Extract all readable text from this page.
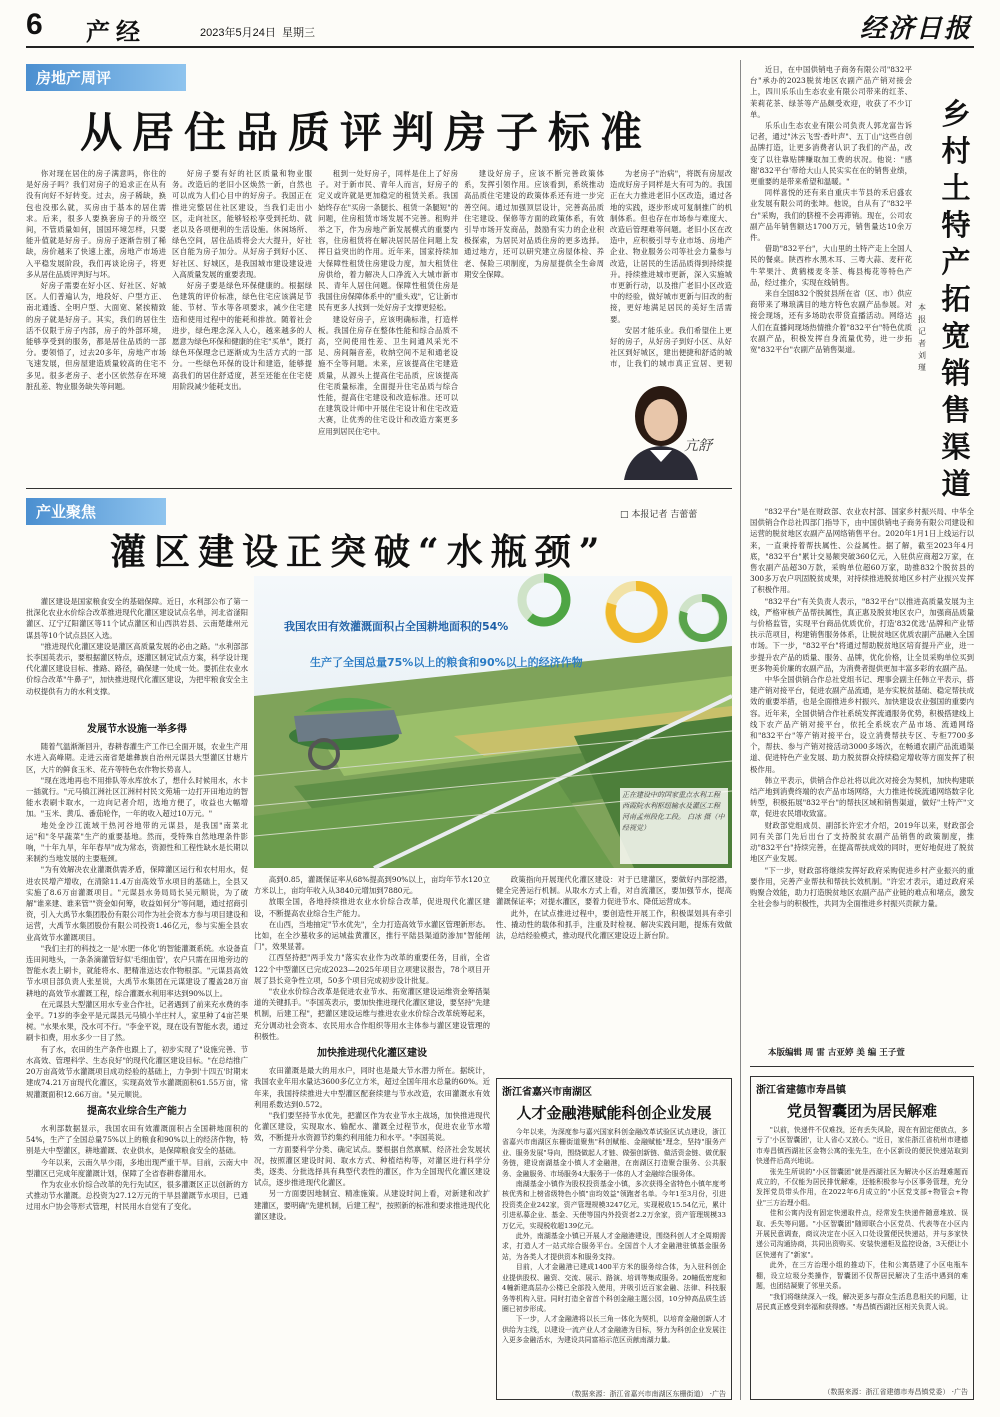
6 产经	2023年5月24日 星期三	经济日报
房地产周评
从居住品质评判房子标准

你对现在居住的房子满意吗，你住的是好房子吗？我们对房子的追求正在从有没有向好不好转变。过去，房子稀缺，换包也没那么就，买房由于基本的居住需求。后来，很多人要换套房子的升级空间，不管质量如何，国国环境怎样，只要能升值就是好房子。房房子逐渐告别了稀缺，房价越来了快速上涨，房地产市场进入平稳发展阶段，我们再谈论房子，将更多从居住品质评判好与坏。

好房子需要在好小区、好社区、好城区。人们普遍认为，地段好、户型方正、南北通透、全明户型、大面宽、紧挨精致的房子就是好房子。其实，我们的居住生活不仅限于房子内部，房子的外部环境，能够享受到的服务，都是居住品质的一部分。要领悟了，过去20多年，房地产市场飞速发展，但房屋建造质量较高的住宅不多见。很多老房子、老小区依然存在环境脏乱差、物业服务缺失等问题。

好房子要有好的社区质量和物业服务。改造后的老旧小区焕然一新，自然也可以成为人们心目中的好房子。我国正在推进完整居住社区建设，当我们走出小区，走向社区，能够轻松享受到托幼、就老以及各项便利的生活设施。休闲场所、绿色空间，居住品质将会大大提升，好社区自能为房子加分。从好房子到好小区、好社区、好城区，是我国城市建设建设进入高质量发展的重要表现。

好房子要是绿色环保健康的。根据绿色建筑的评价标准，绿色住宅应该满足节能、节材、节水等各项要求，减少住宅建造和使用过程中的能耗和排放。随着社会进步，绿色理念深入人心，越来越多的人愿意为绿色环保和健康的住宅"买单"，既打绿色环保理念已逐渐成为生活方式的一部分。一些绿色环保的设计和建造，能够提高我们的居住舒适度，甚至还能在住宅使用阶段减少能耗支出。

租到一处好房子，同样是住上了好房子。对于新市民、青年人而言，好房子的定义或许就是更加稳定的租赁关系。我国始终存在"买房一条腿长、租赁一条腿短"的问题，住房租赁市场发展不完善。租购并举之下，作为房地产新发展模式的重要内容，住房租赁将在解决居民居住问题上发挥日益突出的作用。近年来，国家持续加大保障性租赁住房建设力度，加大租赁住房供给，着力解决人口净流入大城市新市民、青年人居住问题。保障性租赁住房是我国住房保障体系中的"重头戏"，它让新市民有更多人找到一处好房子支撑更轻松。

建设好房子，应该明确标准，打造样板。我国住房存在整体性能和综合品质不高，空间使用性差、卫生间通风采光不足、房间隔音差，收纳空间不足和通老设施不全等问题。未来，应该提高住宅建造质量，从源头上提高住宅品质，应该提高住宅质量标准，全面提升住宅品质与综合性能，提高住宅建设和改造标准。还可以在建筑设计师中开展住宅设计和住宅改造大赛，让优秀的住宅设计和改造方案更多应用到居民住宅中。

建设好房子，应该不断完善政策体系，发挥引领作用。应该看到，系统推动高品质住宅建设的政策体系还有进一步完善空间。通过加强顶层设计，完善高品质住宅建设、保修等方面的政策体系，有效引导市场开发商品，鼓励有实力的企业积极探索，为居民对品质住房的更多选择。通过地方，还可以研究建立房屋体检、养老、保险三项制度，为房屋提供全生命周期安全保障。

为老房子"治病"，将既有房屋改造成好房子同样是大有可为的。我国正在大力推进老旧小区改造，通过各地的实践，逐步形成可复制推广的机制体系。但也存在市场参与难度大、改造后管理难等问题。老旧小区在改造中，应积极引导专业市场、房地产企业、物业服务公司等社会力量参与改造，让居民的生活品质得到持续提升。持续推进城市更新，深入实施城市更新行动，以及推广老旧小区改造中的经验，做好城市更新与旧改的衔接，更好地满足居民的美好生活需要。

安居才能乐业。我们希望住上更好的房子，从好房子到好小区、从好社区到好城区，建出便捷和舒适的城市，让我们的城市真正宜居、更韧

亢舒
产业聚焦	□ 本报记者 吉蕾蕾
灌区建设正突破“水瓶颈”

灌区建设是国家粮食安全的基础保障。近日，水利部公布了第一批深化农业水价综合改革推进现代化灌区建设试点名单，河北省滏阳灌区、辽宁辽阳灌区等11个试点灌区和山西洪岩县、云南楚雄州元谋县等10个试点县区入选。

"推进现代化灌区建设是灌区高质量发展的必由之路。"水利部部长李国英表示，要根据灌区特点，逐灌区制定试点方案，科学设计现代化灌区建设目标、推路、路径，确保建一处成一处。要抓住农业水价综合改革"牛鼻子"，加快推进现代化灌区建设，为把牢粮食安全主动权提供有力的水利支撑。

我国农田有效灌溉面积占全国耕地面积的54%
生产了全国总量75%以上的粮食和90%以上的经济作物
正在建设中的国家重点水利工程西霞院水利枢纽输水及灌区工程河南孟州段化工段。 白冰 摄（中经视觉）
发展节水设施一举多得

随着气温渐渐回升，春耕春灌生产工作已全面开展，农业生产用水进入高峰期。走进云南省楚雄彝族自治州元谋县大型灌区甘塘片区，大片的鲜食玉米、花卉等特色农作物长势喜人。

"现在选地再也不用排队等水库放水了，想什么时候用水，水卡一插就行。"元马镇江洲社区江洲村村民文苑埔一边打开田地边的智能水表刷卡取水，一边向记者介绍，选地方便了，收益也大幅增加。"玉米、黄瓜、番茄轮作，一年的收入超过10万元。"

地处金沙江流域干热河谷地带的元谋县，是我国"南菜北运"和"冬早蔬菜"生产的重要基地。然而，受特殊自然地理条件影响，"十年九旱，年年春旱"成为常态，资源性和工程性缺水是长期以来制约当地发展的主要瓶颈。

"为有效解决农业灌溉供需矛盾，保障灌区运行和农村用水，促进农民增产增收，在清除11.4万亩高效节水项目的基础上，全县又实施了8.6万亩灌溉项目。"元谋县水务局局长吴元顺说，为了破解"谁来建、谁来管""资金如何筹，收益如何分"等问题，通过招商引资，引入大禹节水集团股份有限公司作为社会资本方参与项目建设和运营，大禹节水集团股份有限公司投资1.46亿元，参与实施全县农业高效节水灌溉项目。

"我们主打的科技之一是'水肥一体化'的智能灌溉系统。水设备直连田间地头，一条条滴灌管好似'毛细血管'，农户只需在田地旁边的智能水表上刷卡，就能将水、肥精准送达农作物根部。"元谋县高效节水项目部负责人张星说，大禹节水集团在元谋建设了覆盖28万亩耕地的高效节水灌溉工程，综合灌溉水利用率达到90%以上。

在元谋县大型灌区用水专业合作社，记者遇到了前来充水费的李金平。71岁的李金平是元谋县元马镇小羊庄村人，家里种了4亩芒果树。"水果水果，没水可不行。"李金平说，现在设有智能水表，通过刷卡扣费，用水多少一目了然。

有了水，农田的生产条件也跟上了，初步实现了"设施完善、节水高效、管理科学、生态良好"的现代化灌区建设目标。"在总结推广20万亩高效节水灌溉项目成功经验的基础上，力争到'十四五'时期末建成74.21万亩现代化灌区，实现高效节水灌溉面积61.55万亩，常规灌溉面积12.66万亩。"吴元顺说。

提高农业综合生产能力

水利部数据显示，我国农田有效灌溉面积占全国耕地面积的54%，生产了全国总量75%以上的粮食和90%以上的经济作物，特别是大中型灌区，耕地灌溉、农业供水，是保障粮食安全的基础。

今年以来，云南久旱少雨，多地出现严重干旱。目前，云南大中型灌区已完成年度灌溉计划，保障了全省春耕春灌用水。

作为农业水价综合改革的先行先试区，很多灌溉区正以创新的方式推动节水灌溉。总投资为27.12万元的干旱县灌溉节水项目，已通过用水户协会等形式管理，村民用水自觉有了变化。

高到0.85，灌溉保证率从68%提高到90%以上，亩均年节水120立方米以上，亩均年收入从3840元增加到7880元。

放眼全国，各地持续推进农业水价综合改革，促进现代化灌区建设，不断提高农业综合生产能力。

在山西，当地抽定"节水优先"，全力打造高效节水灌区管理新形态。比如，在全沙墓收多的运城盐黄灌区，推行平陆县渠道防渗加"智能闸门"，效果显著。

江西坚持把"两手发力"落实农业作为改革的重要任务，目前，全省122个中型灌区已完成2023—2025年项目立项建议报告，78个项目开展了县长竞争性立项，50多个项目完成初步设计批复。

"农业水价综合改革是促进农业节水、拓宽灌区建设运维资金筹措渠道的关键抓手。"李国英表示，要加快推进现代化灌区建设，要坚持"先建机制，后建工程"，把灌区建设运维与推进农业水价综合改革统筹起来，充分调动社会资本、农民用水合作组织等用水主体参与灌区建设管理的积极性。

加快推进现代化灌区建设

农田灌溉是最大的用水户，同时也是最大节水潜力所在。据统计，我国农业年用水量达3600多亿立方米，超过全国年用水总量的60%。近年来，我国持续推进大中型灌区配套续建与节水改造，农田灌溉水有效利用系数达到0.572。

"我们要坚持节水优先，把灌区作为农业节水主战场，加快推进现代化灌区建设，实现取水、输配水、灌溉全过程节水，促进农业节水增效，不断提升水资源节约集约利用能力和水平。"李国英说。

一方面要科学分类、确定试点。要根据自然禀赋、经济社会发展状况，按照灌区建设时间、取水方式、种植结构等，对灌区进行科学分类，逐类、分批选择具有典型代表性的灌区，作为全国现代化灌区建设试点，逐步推进现代化灌区。

另一方面要因地制宜、精准施策。从建设时间上看，对新建和改扩建灌区，要明确"先建机制，后建工程"，按照新的标准和要求推进现代化灌区建设。

政策指向开展现代化灌区建设：对于已建灌区，要做好内部挖潜，健全完善运行机制。从取水方式上看，对自流灌区，要加强节水，提高灌溉保证率；对提水灌区，要着力促进节水、降低运营成本。

此外，在试点推进过程中，要创造性开展工作，积极谋划具有牵引性、撬动性的载体和抓手，注重及时检视、解决实践问题，提炼有效做法，总结经验模式，推动现代化灌区建设迈上新台阶。

浙江省嘉兴市南湖区
人才金融港赋能科创企业发展

今年以来，为深度参与嘉兴国家科创金融改革试验区试点建设，浙江省嘉兴市南湖区东栅街道聚焦"科创赋能、金融赋能"理念，坚持"服务产业、服务发展"导向，围绕做起人才链、做强创新链、做活资金链、做优服务链，建设南湖基金小镇人才金融港，在南湖区打造聚合服务、公共服务、金融服务、市场服务4大服务于一体的人才金融综合服务体。

南湖基金小镇作为股权投资基金小镇，多次获得全省特色小镇年度考核优秀和上榜省级特色小镇"亩均效益"领跑者名单。今年1至3月份，引进投资类企业242家，资产管理规模3247亿元，实现税收15.54亿元，累计引进私募企业、基金、天使等国内外投资者2.2万余家，资产管理规模33万亿元，实现税收超139亿元。

此外，南湖基金小镇已开展人才金融港建设，围绕科创人才全周期需求，打造人才一站式综合服务平台。全国首个人才金融港驻镇基金服务站，为各类人才提供资本和服务支持。

目前，人才金融港已建成1400平方米的服务综合体，为入驻科创企业提供股权、融资、交流、展示、路演、培训等集成服务。20幢低密度和4幢新建高层办公楼已全部投入使用，并吸引近百家金融、法律、科技服务等机构入驻。同时打造全省首个科创金融主题公园，10分钟高品质生活圈已初步形成。

下一步，人才金融港将以长三角一体化为契机，以培育金融创新人才供给为主线，以建设一流产业人才金融港为目标，努力为科创企业发展注入更多金融活水，为建设共同富裕示范区贡献南湖力量。

（数据来源：浙江省嘉兴市南湖区东栅街道） ·广告
乡村土特产拓宽销售渠道
本报记者 刘 瑾

近日，在中国供销电子商务有限公司"832平台"承办的2023脱贫地区农副产品产销对接会上，四川乐乐山生态农业有限公司带来的红茶、茉莉花茶、绿茶等产品颇受欢迎，收获了不少订单。

乐乐山生态农业有限公司负责人郭龙富告诉记者，通过"沐云飞雪·香叶声"、五丁山"这些自创品牌打造，让更多消费者认识了我们的产品，改变了以往靠贴牌赚取加工费的状况。他说："感谢'832平台'带给大山人民实实在在的销售业绩，更重要的是带来希望和温暖。"

同样喜悦的还有来自重庆丰节县的禾启盛农业发展有限公司的张坤。他说，自从有了"832平台"采购，我们的脐橙不会再滞销。现在，公司农副产品年销售额达1700万元，销售量达10余万件。

借助"832平台"，大山里的土特产走上全国人民的餐桌。陕西柞水黑木耳、三粤大蒜、麦秆花牛苹果汁、黄鹤楼麦冬茶、梅县梅花等特色产品，经过推介，实现在线销售。

来自全国832个脱贫县所在省（区、市）供应商带来了琳琅满目的地方特色农副产品参展。对接会现场，还有多场助农带货直播活动。网络达人们在直播间现场热情推介着"832平台"特色优质农副产品，积极发挥自身流量优势，进一步拓宽"832平台"农副产品销售渠道。

"832平台"是在财政部、农业农村部、国家乡村振兴局、中华全国供销合作总社四部门指导下，由中国供销电子商务有限公司建设和运营的脱贫地区农副产品网络销售平台。2020年1月1日上线运行以来，一直秉持着帮扶属性、公益属性。据了解，截至2023年4月底，"832平台"累计交易额突破360亿元，入驻供应商超2万家，在售农副产品超30万款，采购单位超60万家，助推832个脱贫县的300多万农户巩固脱贫成果，对持续推进脱贫地区乡村产业振兴发挥了积极作用。

"832平台"有关负责人表示，"832平台"以推进高质量发展为主线，严格审核产品帮扶属性，真正惠及脱贫地区农户，加强商品质量与价格监管，实现平台商品优质优价，打造'832优选'品牌和产业帮扶示范项目，构建销售服务体系，让脱贫地区优质农副产品融入全国市场。下一步，"832平台"将通过帮助脱贫地区培育提升产业，进一步提升农产品的质量、服务、品牌，优化价格，让全员采购单位买到更多物美价廉的农副产品，为消费者提供更加丰富多彩的农副产品。

中华全国供销合作总社党组书记、理事会副主任韩立平表示，搭建产销对接平台，促进农副产品流通，是夯实脱贫基础、稳定帮扶成效的重要举措，也是全面推进乡村振兴、加快建设农业强国的重要内容。近年来，全国供销合作社系统发挥流通服务优势，积极搭建线上线下农产品产销对接平台，依托全系统农产品市场、流通网络和"832平台"等产销对接平台，设立消费帮扶专区、专柜7700多个，帮扶、参与产销对接活动3000多场次，在畅通农副产品流通渠道、促进特色产业发展、助力脱贫群众持续稳定增收等方面发挥了积极作用。

韩立平表示，供销合作总社将以此次对接会为契机，加快构建联结产地到消费终端的农产品市场网络，大力推进传统流通网络数字化转型，积极拓展"832平台"的帮扶区域和销售渠道，做好"土特产"文章，促进农民增收致富。

财政部党组成员、副部长许宏才介绍，2019年以来，财政部会同有关部门先后出台了支持脱贫农副产品销售的政策制度，推动"832平台"持续完善，在提高帮扶成效的同时，更好地促进了脱贫地区产业发展。

"下一步，财政部将继续发挥好政府采购促进乡村产业振兴的重要作用，完善产业帮扶和帮扶长效机制。"许宏才表示，通过政府采购聚合效能，助力打造脱贫地区农副产品产业链的难点和堵点，激发全社会参与的积极性，共同为全面推进乡村振兴贡献力量。

本版编辑 周 雷 古亚婷 美 编 王子萱
浙江省建德市寿昌镇
党员智囊团为居民解难

"以前，快递件不仅难找，还有丢失风险，现在有固定便放点，多亏了'小区智囊团'，让人省心又放心。"近日，家住浙江省杭州市建德市寿昌镇西湖社区金物公寓的张先生，在小区新设的便民快递站取到快递件后高兴地说。

张先生所说的"小区智囊团"就是西湖社区为解决小区治理难题而成立的，不仅能为居民排忧解难，还能积极参与小区事务管理，充分发挥党员带头作用，在2022年6月成立的"小区党支部+物管会+物业"三方治理小组。

佳和公寓内没有固定快递取件点，经常发生快递件随意堆放、误取、丢失等问题。"小区智囊团"随即联合小区党员、代表等在小区内开展民意调查，商议决定在小区入口处设置便民快递站，并与多家快递公司沟通协商，共同出资购买、安装快递柜及监控设备，3天便让小区快递有了"新家"。

此外，在三方治理小组的推动下，佳和公寓搭建了小区电瓶车棚，设立垃圾分类操作，智囊团不仅帮居民解决了生活中遇到的难题，也团结凝聚了邻里关系。

"我们将继续深入一线，解决更多与群众生活息息相关的问题，让居民真正感受到幸福和获得感。"寿昌镇西湖社区相关负责人说。

（数据来源：浙江省建德市寿昌镇党委） ·广告
